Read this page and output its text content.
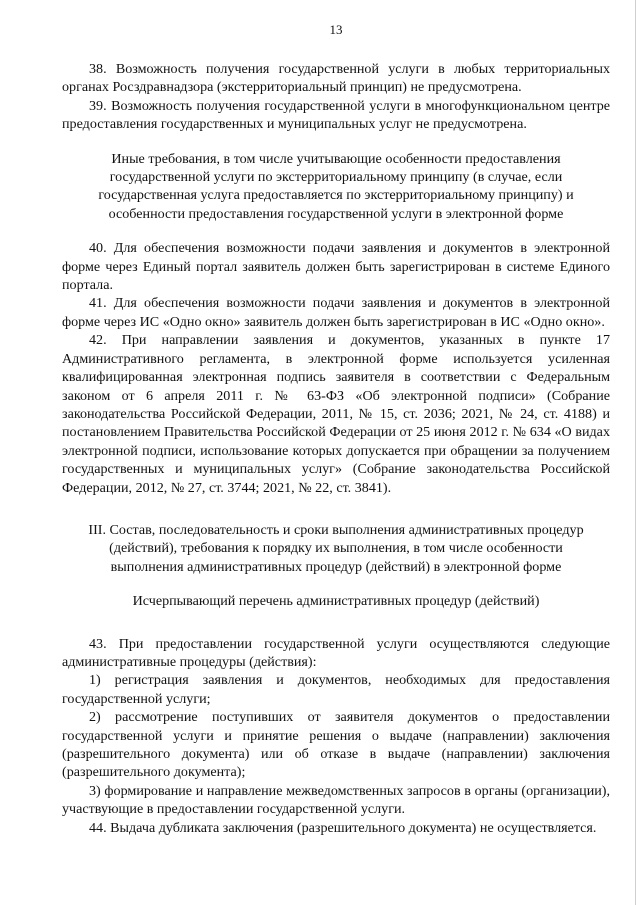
13

38. Возможность получения государственной услуги в любых территориальных органах Росздравнадзора (экстерриториальный принцип) не предусмотрена.

39. Возможность получения государственной услуги в многофункциональном центре предоставления государственных и муниципальных услуг не предусмотрена.

Иные требования, в том числе учитывающие особенности предоставления государственной услуги по экстерриториальному принципу (в случае, если государственная услуга предоставляется по экстерриториальному принципу) и особенности предоставления государственной услуги в электронной форме

40. Для обеспечения возможности подачи заявления и документов в электронной форме через Единый портал заявитель должен быть зарегистрирован в системе Единого портала.

41. Для обеспечения возможности подачи заявления и документов в электронной форме через ИС «Одно окно» заявитель должен быть зарегистрирован в ИС «Одно окно».

42. При направлении заявления и документов, указанных в пункте 17 Административного регламента, в электронной форме используется усиленная квалифицированная электронная подпись заявителя в соответствии с Федеральным законом от 6 апреля 2011 г. № 63-ФЗ «Об электронной подписи» (Собрание законодательства Российской Федерации, 2011, № 15, ст. 2036; 2021, № 24, ст. 4188) и постановлением Правительства Российской Федерации от 25 июня 2012 г. № 634 «О видах электронной подписи, использование которых допускается при обращении за получением государственных и муниципальных услуг» (Собрание законодательства Российской Федерации, 2012, № 27, ст. 3744; 2021, № 22, ст. 3841).

III. Состав, последовательность и сроки выполнения административных процедур (действий), требования к порядку их выполнения, в том числе особенности выполнения административных процедур (действий) в электронной форме

Исчерпывающий перечень административных процедур (действий)

43. При предоставлении государственной услуги осуществляются следующие административные процедуры (действия):

1) регистрация заявления и документов, необходимых для предоставления государственной услуги;

2) рассмотрение поступивших от заявителя документов о предоставлении государственной услуги и принятие решения о выдаче (направлении) заключения (разрешительного документа) или об отказе в выдаче (направлении) заключения (разрешительного документа);

3) формирование и направление межведомственных запросов в органы (организации), участвующие в предоставлении государственной услуги.

44. Выдача дубликата заключения (разрешительного документа) не осуществляется.
